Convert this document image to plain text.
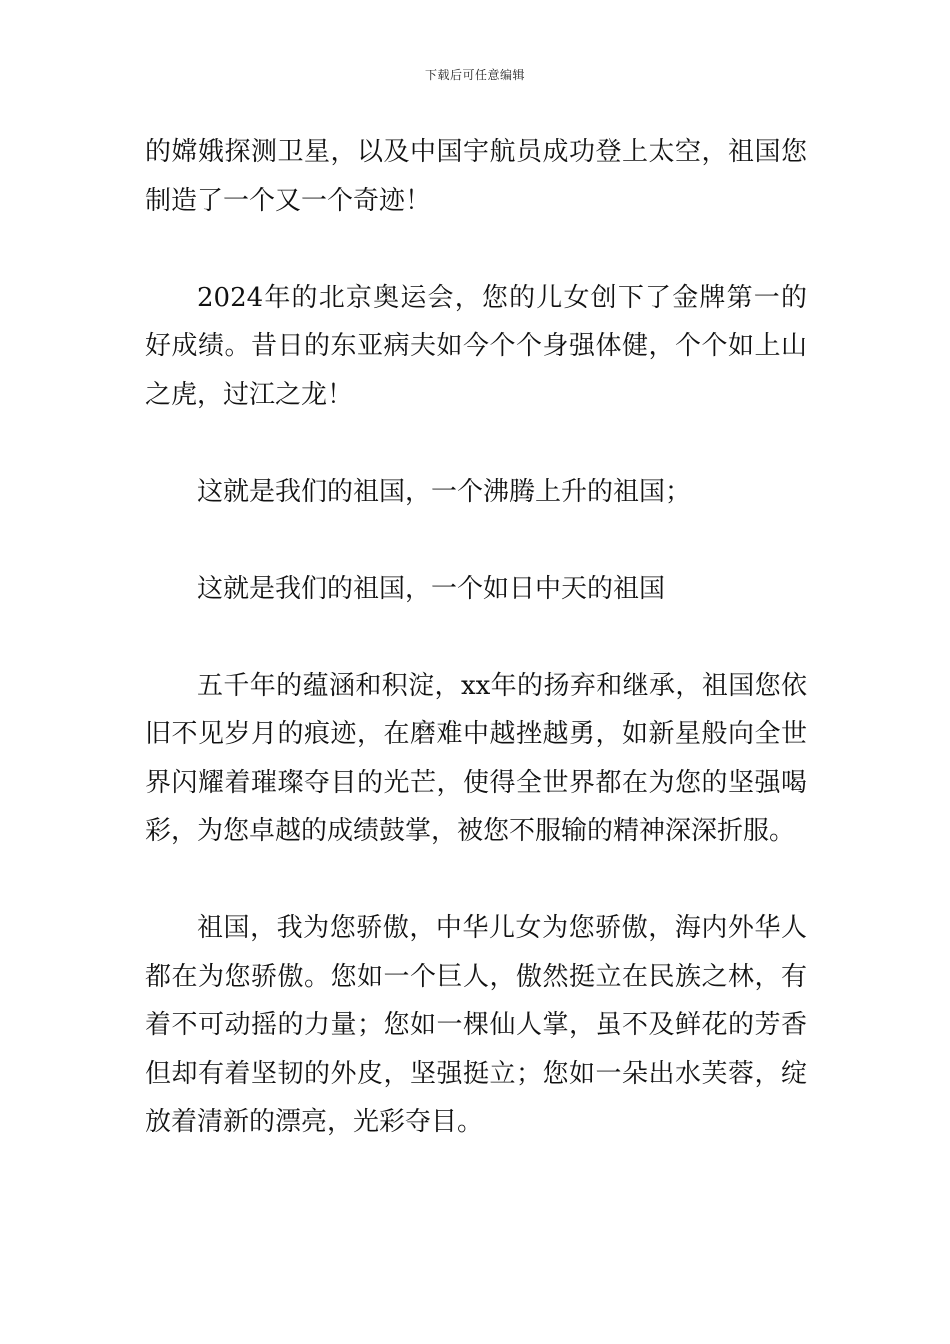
下载后可任意编辑

的嫦娥探测卫星，以及中国宇航员成功登上太空，祖国您制造了一个又一个奇迹！

2024年的北京奥运会，您的儿女创下了金牌第一的好成绩。昔日的东亚病夫如今个个身强体健，个个如上山之虎，过江之龙！

这就是我们的祖国，一个沸腾上升的祖国；

这就是我们的祖国，一个如日中天的祖国

五千年的蕴涵和积淀，xx年的扬弃和继承，祖国您依旧不见岁月的痕迹，在磨难中越挫越勇，如新星般向全世界闪耀着璀璨夺目的光芒，使得全世界都在为您的坚强喝彩，为您卓越的成绩鼓掌，被您不服输的精神深深折服。

祖国，我为您骄傲，中华儿女为您骄傲，海内外华人都在为您骄傲。您如一个巨人，傲然挺立在民族之林，有着不可动摇的力量；您如一棵仙人掌，虽不及鲜花的芳香但却有着坚韧的外皮，坚强挺立；您如一朵出水芙蓉，绽放着清新的漂亮，光彩夺目。
